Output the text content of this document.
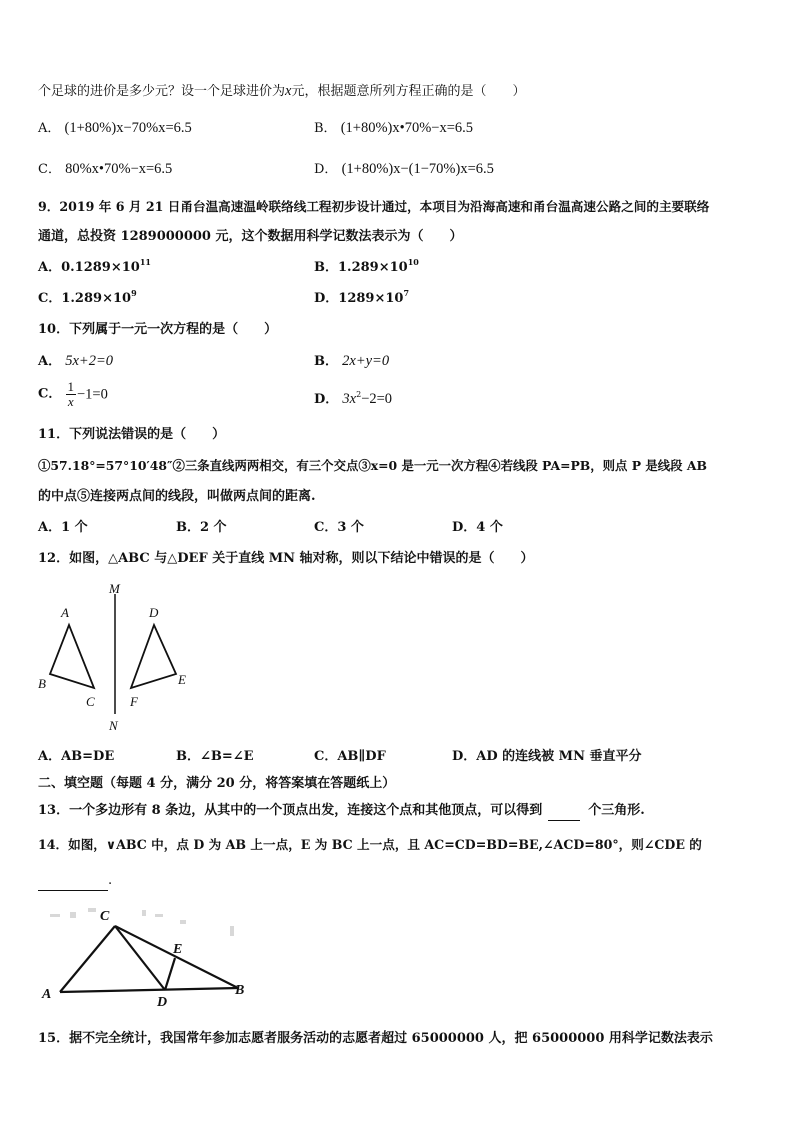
个足球的进价是多少元？设一个足球进价为x元，根据题意所列方程正确的是（　　）
A． (1+80%)x−70%x=6.5	B． (1+80%)x•70%−x=6.5
C． 80%x•70%−x=6.5	D． (1+80%)x−(1−70%)x=6.5
9．2019 年 6 月 21 日甬台温高速温岭联络线工程初步设计通过，本项目为沿海高速和甬台温高速公路之间的主要联络
通道，总投资 1289000000 元，这个数据用科学记数法表示为（　　）
A．$0.1289\times 10^{11}$	B．$1.289\times 10^{10}$
C．$1.289\times 10^9$	D．$1289\times 10^7$
10．下列属于一元一次方程的是（　　）
A． 5x+2=0	B． 2x+y=0
C． $\frac{1}{x} -1=0$	D． $3x^2-2=0$
11．下列说法错误的是（　　）
①57.18°=57°10′48″②三条直线两两相交，有三个交点③x=0 是一元一次方程④若线段 PA=PB，则点 P 是线段 AB
的中点⑤连接两点间的线段，叫做两点间的距离.
A．1 个	B．2 个	C．3 个	D．4 个
12．如图，△ABC 与△DEF 关于直线 MN 轴对称，则以下结论中错误的是（　　）
M
N
A
B
C
D
E
F
A．AB=DE	B．∠B=∠E	C．AB∥DF	D．AD 的连线被 MN 垂直平分
二、填空题（每题 4 分，满分 20 分，将答案填在答题纸上）
13．一个多边形有 8 条边，从其中的一个顶点出发，连接这个点和其他顶点，可以得到	个三角形.
14．如图，∨ABC 中，点 D 为 AB 上一点，E 为 BC 上一点，且 AC=CD=BD=BE,∠ACD=80°，则∠CDE 的
.
C
E
A
D
B
15．据不完全统计，我国常年参加志愿者服务活动的志愿者超过 65000000 人，把 65000000 用科学记数法表示
